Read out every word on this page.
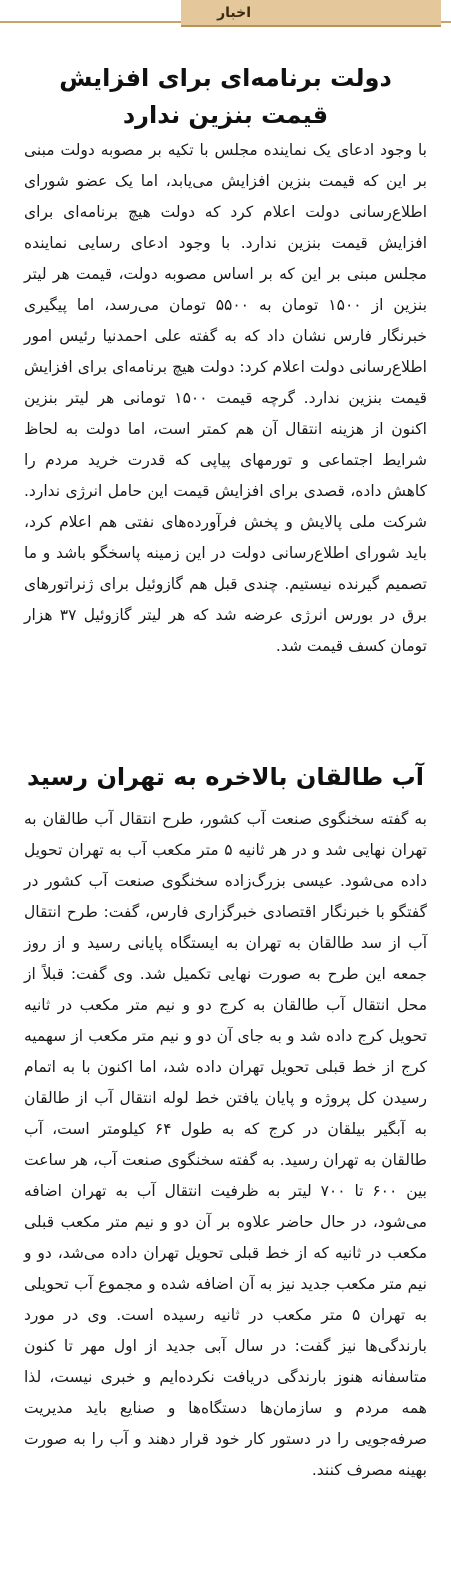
اخبار
دولت برنامه‌ای برای افزایش
قیمت بنزین ندارد
با وجود ادعای یک نماینده مجلس با تکیه بر مصوبه دولت مبنی بر این که قیمت بنزین افزایش می‌یابد، اما یک عضو شورای اطلاع‌رسانی دولت اعلام کرد که دولت هیچ برنامه‌ای برای افزایش قیمت بنزین ندارد. با وجود ادعای رسایی نماینده مجلس مبنی بر این که بر اساس مصوبه دولت، قیمت هر لیتر بنزین از ۱۵۰۰ تومان به ۵۵۰۰ تومان می‌رسد، اما پیگیری خبرنگار فارس نشان داد که به گفته علی احمدنیا رئیس امور اطلاع‌رسانی دولت اعلام کرد: دولت هیچ برنامه‌ای برای افزایش قیمت بنزین ندارد. گرچه قیمت ۱۵۰۰ تومانی هر لیتر بنزین اکنون از هزینه انتقال آن هم کمتر است، اما دولت به لحاظ شرایط اجتماعی و تورمهای پیاپی که قدرت خرید مردم را کاهش داده، قصدی برای افزایش قیمت این حامل انرژی ندارد. شرکت ملی پالایش و پخش فرآورده‌های نفتی هم اعلام کرد، باید شورای اطلاع‌رسانی دولت در این زمینه پاسخگو باشد و ما تصمیم گیرنده نیستیم. چندی قبل هم گازوئیل برای ژنراتورهای برق در بورس انرژی عرضه شد که هر لیتر گازوئیل ۳۷ هزار تومان کسف قیمت شد.
آب طالقان بالاخره به تهران رسید
به گفته سخنگوی صنعت آب کشور، طرح انتقال آب طالقان به تهران نهایی شد و در هر ثانیه ۵ متر مکعب آب به تهران تحویل داده می‌شود. عیسی بزرگ‌زاده سخنگوی صنعت آب کشور در گفتگو با خبرنگار اقتصادی خبرگزاری فارس، گفت: طرح انتقال آب از سد طالقان به تهران به ایستگاه پایانی رسید و از روز جمعه این طرح به صورت نهایی تکمیل شد. وی گفت: قبلاً از محل انتقال آب طالقان به کرج دو و نیم متر مکعب در ثانیه تحویل کرج داده شد و به جای آن دو و نیم متر مکعب از سهمیه کرج از خط قبلی تحویل تهران داده شد، اما اکنون با به اتمام رسیدن کل پروژه و پایان یافتن خط لوله انتقال آب از طالقان به آبگیر بیلقان در کرج که به طول ۶۴ کیلومتر است، آب طالقان به تهران رسید. به گفته سخنگوی صنعت آب، هر ساعت بین ۶۰۰ تا ۷۰۰ لیتر به ظرفیت انتقال آب به تهران اضافه می‌شود، در حال حاضر علاوه بر آن دو و نیم متر مکعب قبلی مکعب در ثانیه که از خط قبلی تحویل تهران داده می‌شد، دو و نیم متر مکعب جدید نیز به آن اضافه شده و مجموع آب تحویلی به تهران ۵ متر مکعب در ثانیه رسیده است. وی در مورد بارندگی‌ها نیز گفت: در سال آبی جدید از اول مهر تا کنون متاسفانه هنوز بارندگی دریافت نکرده‌ایم و خبری نیست، لذا همه مردم و سازمان‌ها دستگاه‌ها و صنایع باید مدیریت صرفه‌جویی را در دستور کار خود قرار دهند و آب را به صورت بهینه مصرف کنند.
